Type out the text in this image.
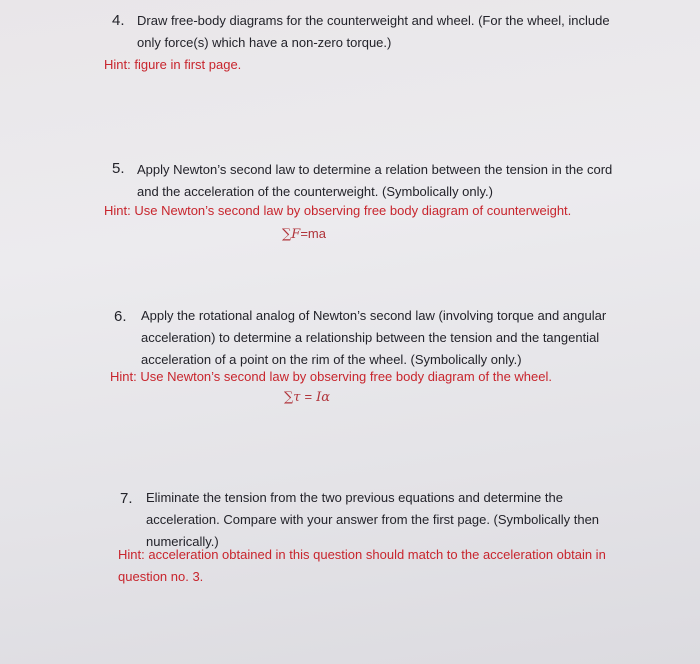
4. Draw free-body diagrams for the counterweight and wheel. (For the wheel, include
only force(s) which have a non-zero torque.)
Hint: figure in first page.
5. Apply Newton’s second law to determine a relation between the tension in the cord
and the acceleration of the counterweight. (Symbolically only.)
Hint: Use Newton’s second law by observing free body diagram of counterweight.
∑F=ma
6. Apply the rotational analog of Newton’s second law (involving torque and angular
acceleration) to determine a relationship between the tension and the tangential
acceleration of a point on the rim of the wheel. (Symbolically only.)
Hint: Use Newton’s second law by observing free body diagram of the wheel.
∑τ = Iα
7. Eliminate the tension from the two previous equations and determine the
acceleration. Compare with your answer from the first page. (Symbolically then
numerically.)
Hint: acceleration obtained in this question should match to the acceleration obtain in
question no. 3.
